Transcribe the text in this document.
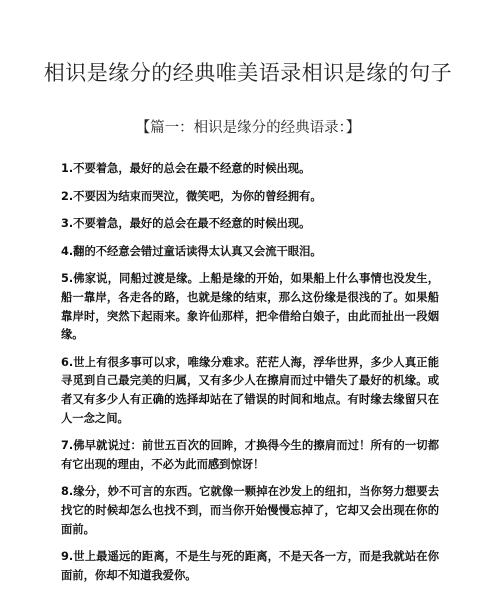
相识是缘分的经典唯美语录相识是缘的句子
【篇一：相识是缘分的经典语录：】

1.不要着急，最好的总会在最不经意的时候出现。

2.不要因为结束而哭泣，微笑吧，为你的曾经拥有。

3.不要着急，最好的总会在最不经意的时候出现。

4.翻的不经意会错过童话读得太认真又会流干眼泪。

5.佛家说，同船过渡是缘。上船是缘的开始，如果船上什么事情也没发生，船一靠岸，各走各的路，也就是缘的结束，那么这份缘是很浅的了。如果船靠岸时，突然下起雨来。象许仙那样，把伞借给白娘子，由此而扯出一段姻缘。

6.世上有很多事可以求，唯缘分难求。茫茫人海，浮华世界，多少人真正能寻觅到自己最完美的归属，又有多少人在擦肩而过中错失了最好的机缘。或者又有多少人有正确的选择却站在了错误的时间和地点。有时缘去缘留只在人一念之间。

7.佛早就说过：前世五百次的回眸，才换得今生的擦肩而过！所有的一切都有它出现的理由，不必为此而感到惊讶！

8.缘分，妙不可言的东西。它就像一颗掉在沙发上的纽扣，当你努力想要去找它的时候却怎么也找不到，而当你开始慢慢忘掉了，它却又会出现在你的面前。

9.世上最遥远的距离，不是生与死的距离，不是天各一方，而是我就站在你面前，你却不知道我爱你。
